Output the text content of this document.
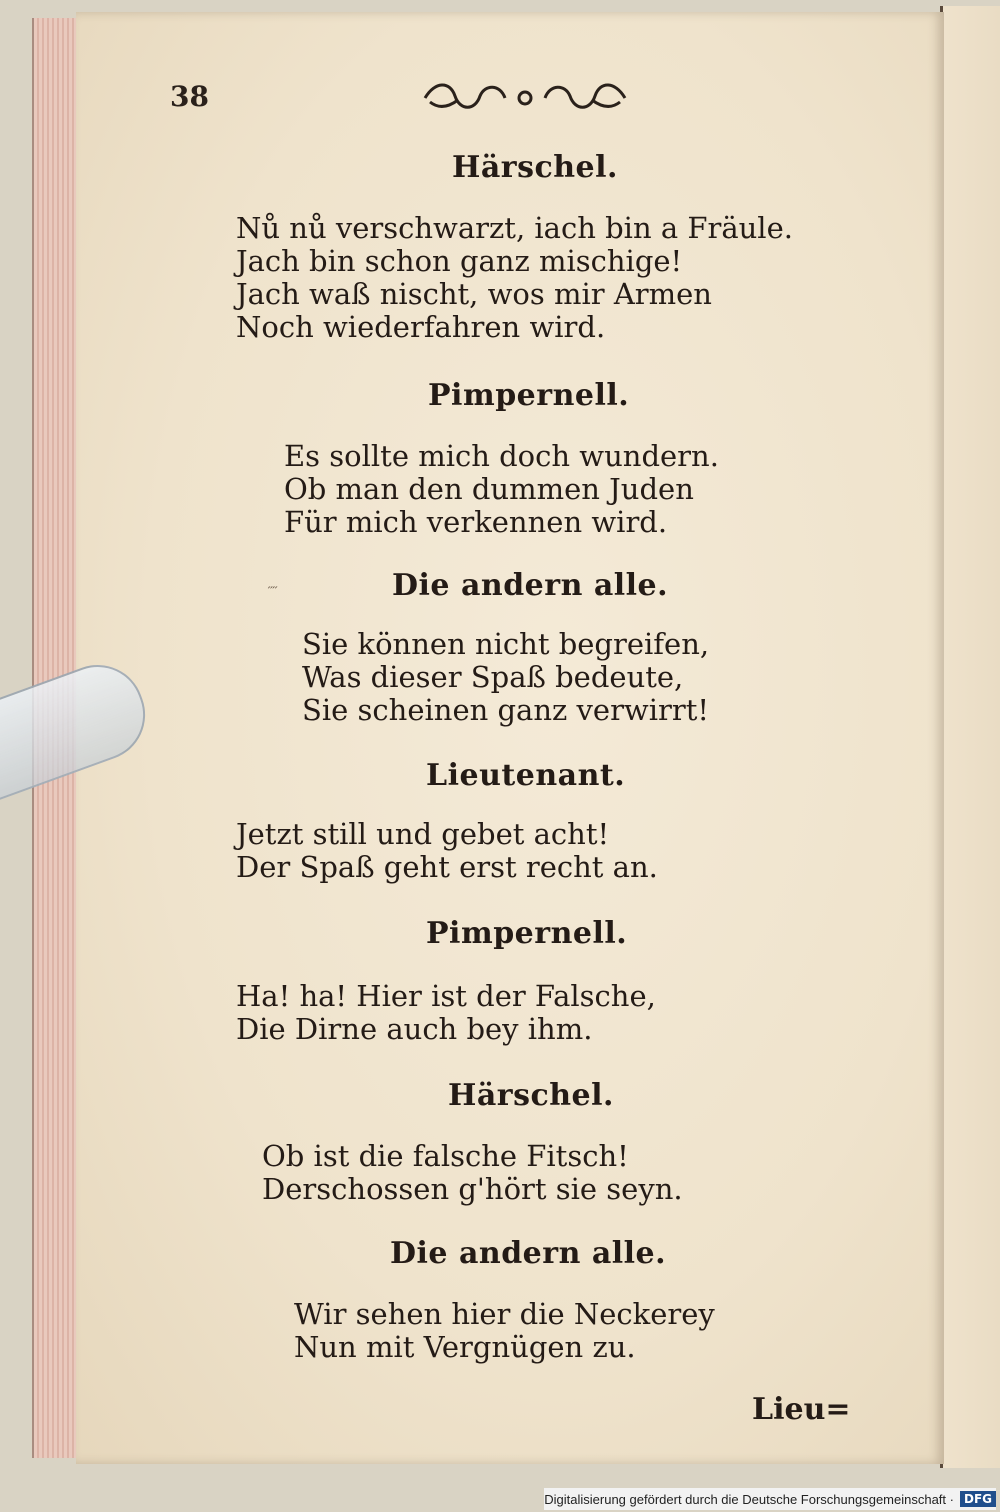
38
˶˶
Härschel.
Nů nů verschwarzt, iach bin a Fräule.
Jach bin schon ganz mischige!
Jach waß nischt, wos mir Armen
Noch wiederfahren wird.
Pimpernell.
Es sollte mich doch wundern.
Ob man den dummen Juden
Für mich verkennen wird.
Die andern alle.
Sie können nicht begreifen,
Was dieser Spaß bedeute,
Sie scheinen ganz verwirrt!
Lieutenant.
Jetzt still und gebet acht!
Der Spaß geht erst recht an.
Pimpernell.
Ha! ha! Hier ist der Falsche,
Die Dirne auch bey ihm.
Härschel.
Ob ist die falsche Fitsch!
Derschossen g'hört sie seyn.
Die andern alle.
Wir sehen hier die Neckerey
Nun mit Vergnügen zu.
Lieu=
Digitalisierung gefördert durch die Deutsche Forschungsgemeinschaft · DFG
